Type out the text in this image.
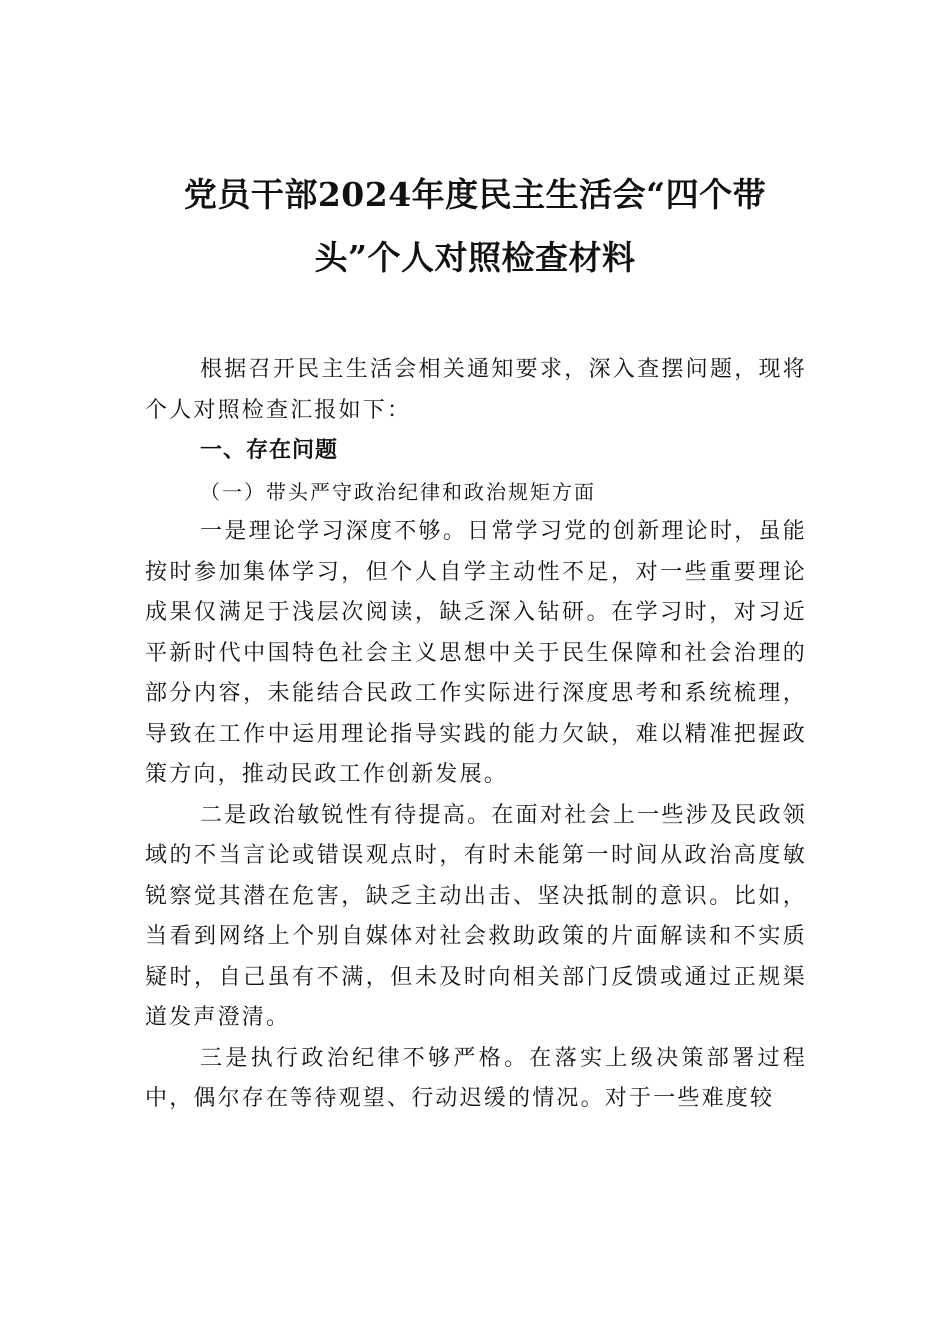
党员干部2024年度民主生活会“四个带
头”个人对照检查材料

根据召开民主生活会相关通知要求，深入查摆问题，现将个人对照检查汇报如下：

一、存在问题

（一）带头严守政治纪律和政治规矩方面

一是理论学习深度不够。日常学习党的创新理论时，虽能按时参加集体学习，但个人自学主动性不足，对一些重要理论成果仅满足于浅层次阅读，缺乏深入钻研。在学习时，对习近平新时代中国特色社会主义思想中关于民生保障和社会治理的部分内容，未能结合民政工作实际进行深度思考和系统梳理，导致在工作中运用理论指导实践的能力欠缺，难以精准把握政策方向，推动民政工作创新发展。

二是政治敏锐性有待提高。在面对社会上一些涉及民政领域的不当言论或错误观点时，有时未能第一时间从政治高度敏锐察觉其潜在危害，缺乏主动出击、坚决抵制的意识。比如，当看到网络上个别自媒体对社会救助政策的片面解读和不实质疑时，自己虽有不满，但未及时向相关部门反馈或通过正规渠道发声澄清。

三是执行政治纪律不够严格。在落实上级决策部署过程中，偶尔存在等待观望、行动迟缓的情况。对于一些难度较
